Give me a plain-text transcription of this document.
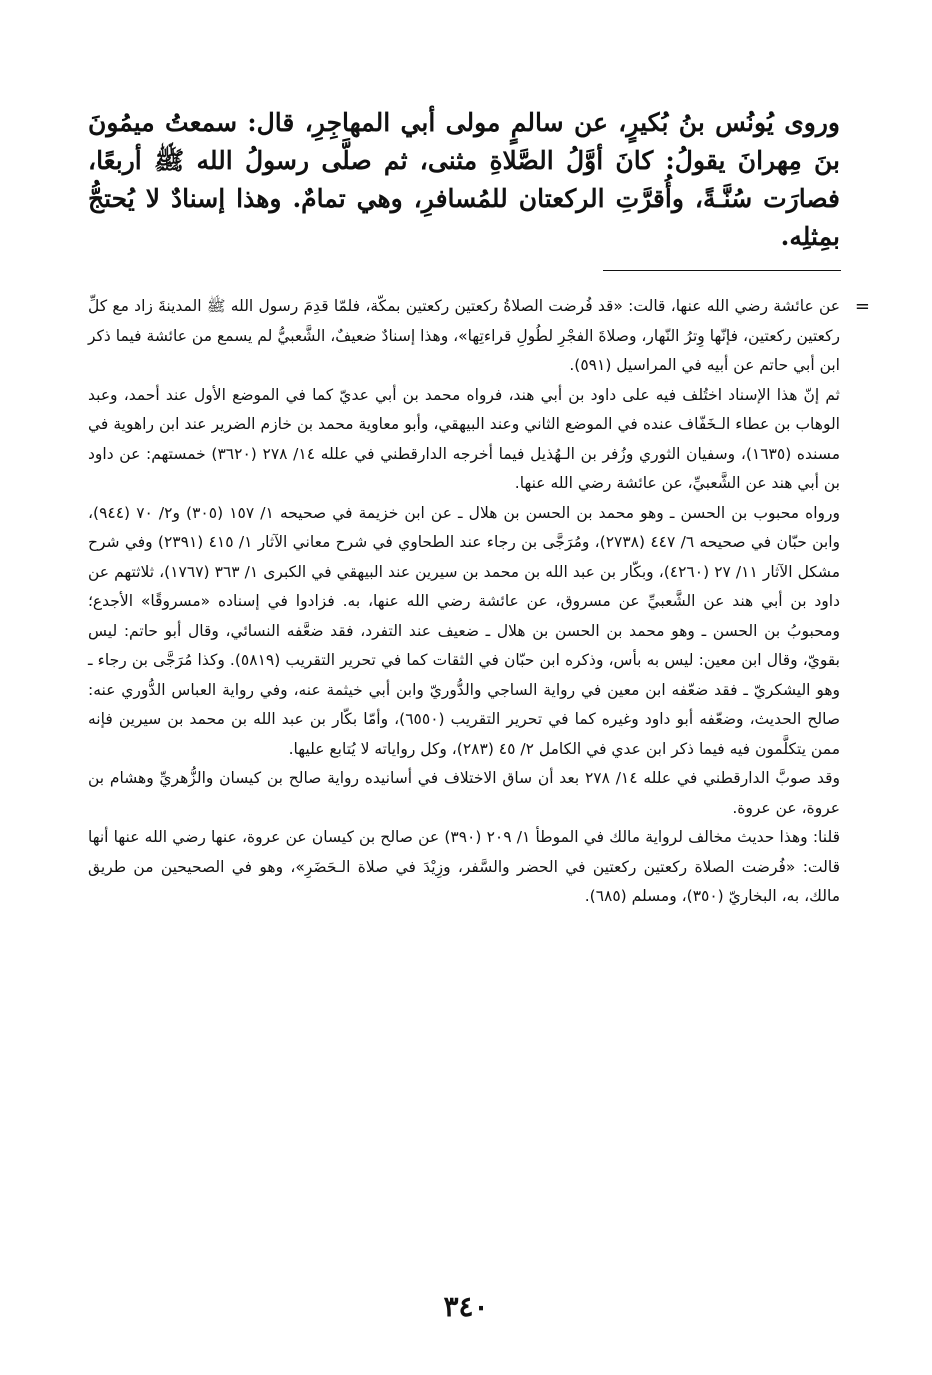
وروى يُونُس بنُ بُكيرٍ، عن سالمٍ مولى أبي المهاجِرِ، قال: سمعتُ ميمُونَ بنَ مِهرانَ يقولُ: كانَ أوَّلُ الصَّلاةِ مثنى، ثم صلَّى رسولُ الله ﷺ أربعًا، فصارَت سُنَّـةً، وأُقرَّتِ الركعتان للمُسافرِ، وهي تمامٌ. وهذا إسنادٌ لا يُحتجُّ بمِثلِه.

=
عن عائشة رضي الله عنها، قالت: «قد فُرضت الصلاةُ ركعتين ركعتين بمكّة، فلمّا قدِمَ رسول الله ﷺ المدينةَ زاد مع كلِّ ركعتين ركعتين، فإنّها وِترُ النّهار، وصلاةَ الفجْرِ لطُولِ قراءتِها»، وهذا إسنادٌ ضعيفٌ، الشَّعبيُّ لم يسمع من عائشة فيما ذكر ابن أبي حاتم عن أبيه في المراسيل (٥٩١).

ثم إنّ هذا الإسناد اختُلف فيه على داود بن أبي هند، فرواه محمد بن أبي عديّ كما في الموضع الأول عند أحمد، وعبد الوهاب بن عطاء الـخَفّاف عنده في الموضع الثاني وعند البيهقي، وأبو معاوية محمد بن خازم الضرير عند ابن راهوية في مسنده (١٦٣٥)، وسفيان الثوري وزُفر بن الـهُذيل فيما أخرجه الدارقطني في علله ١٤/ ٢٧٨ (٣٦٢٠) خمستهم: عن داود بن أبي هند عن الشَّعبيِّ، عن عائشة رضي الله عنها.

ورواه محبوب بن الحسن ـ وهو محمد بن الحسن بن هلال ـ عن ابن خزيمة في صحيحه ١/ ١٥٧ (٣٠٥) و٢/ ٧٠ (٩٤٤)، وابن حبّان في صحيحه ٦/ ٤٤٧ (٢٧٣٨)، ومُرَجَّى بن رجاء عند الطحاوي في شرح معاني الآثار ١/ ٤١٥ (٢٣٩١) وفي شرح مشكل الآثار ١١/ ٢٧ (٤٢٦٠)، وبكّار بن عبد الله بن محمد بن سيرين عند البيهقي في الكبرى ١/ ٣٦٣ (١٧٦٧)، ثلاثتهم عن داود بن أبي هند عن الشَّعبيِّ عن مسروق، عن عائشة رضي الله عنها، به. فزادوا في إسناده «مسروقًا» الأجدع؛ ومحبوبُ بن الحسن ـ وهو محمد بن الحسن بن هلال ـ ضعيف عند التفرد، فقد ضعَّفه النسائي، وقال أبو حاتم: ليس بقويّ، وقال ابن معين: ليس به بأس، وذكره ابن حبّان في الثقات كما في تحرير التقريب (٥٨١٩). وكذا مُرَجَّى بن رجاء ـ وهو اليشكريّ ـ فقد ضعّفه ابن معين في رواية الساجي والدُّوريّ وابن أبي خيثمة عنه، وفي رواية العباس الدُّوري عنه: صالح الحديث، وضعّفه أبو داود وغيره كما في تحرير التقريب (٦٥٥٠)، وأمّا بكّار بن عبد الله بن محمد بن سيرين فإنه ممن يتكلَّمون فيه فيما ذكر ابن عدي في الكامل ٢/ ٤٥ (٢٨٣)، وكل رواياته لا يُتابع عليها.

وقد صوبَّ الدارقطني في علله ١٤/ ٢٧٨ بعد أن ساق الاختلاف في أسانيده رواية صالح بن كيسان والزُّهريِّ وهشام بن عروة، عن عروة.

قلنا: وهذا حديث مخالف لرواية مالك في الموطأ ١/ ٢٠٩ (٣٩٠) عن صالح بن كيسان عن عروة، عنها رضي الله عنها أنها قالت: «فُرضت الصلاة ركعتين ركعتين في الحضر والسَّفر، وزِيْدَ في صلاة الـحَضَرِ»، وهو في الصحيحين من طريق مالك، به، البخاريّ (٣٥٠)، ومسلم (٦٨٥).

٣٤٠
